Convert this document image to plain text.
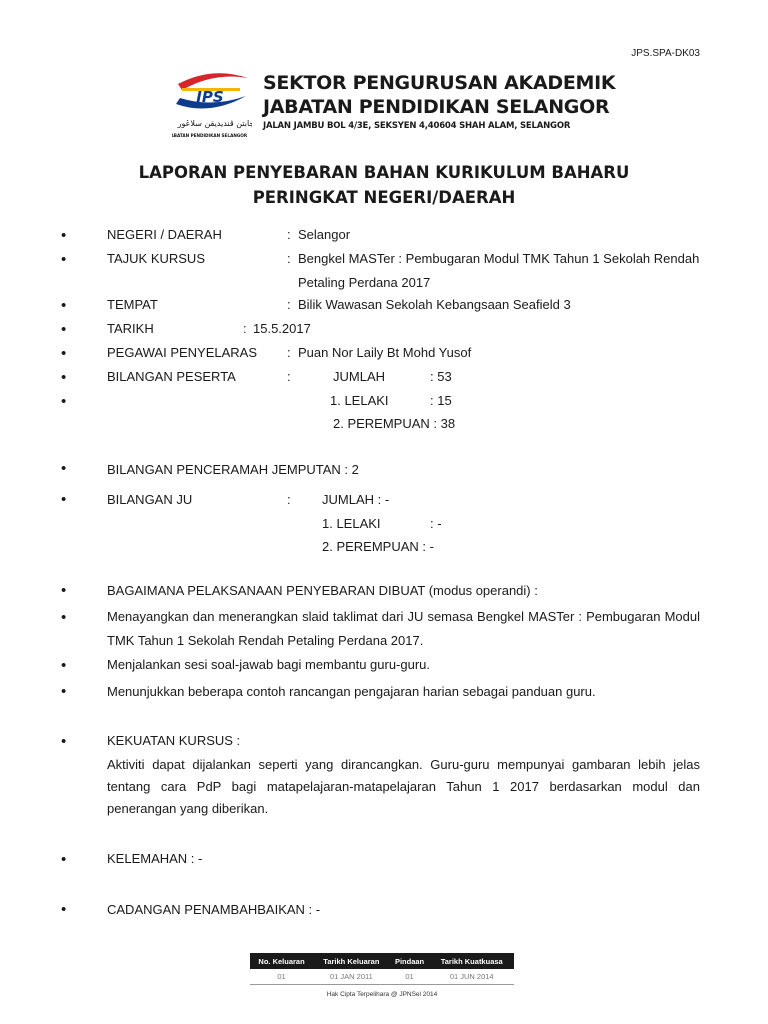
JPS.SPA-DK03
JPS
جابتن ڤنديديقن سلاڠور
JABATAN PENDIDIKAN SELANGOR
SEKTOR PENGURUSAN AKADEMIK
JABATAN PENDIDIKAN SELANGOR
JALAN JAMBU BOL 4/3E, SEKSYEN 4,40604 SHAH ALAM, SELANGOR
LAPORAN PENYEBARAN BAHAN KURIKULUM BAHARU
PERINGKAT NEGERI/DAERAH
•
•
•
•
•
•
•
•
•
•
•
•
•
•
•
•
NEGERI / DAERAH	: Selangor
TAJUK KURSUS	: Bengkel MASTer : Pembugaran Modul TMK Tahun 1 Sekolah Rendah
Petaling Perdana 2017
TEMPAT	: Bilik Wawasan Sekolah Kebangsaan Seafield 3
TARIKH	: 15.5.2017
PEGAWAI PENYELARAS : Puan Nor Laily Bt Mohd Yusof
BILANGAN PESERTA	:	JUMLAH	: 53
1. LELAKI	: 15
2. PEREMPUAN : 38
BILANGAN PENCERAMAH JEMPUTAN : 2
BILANGAN JU	: JUMLAH : -
1. LELAKI	: -
2. PEREMPUAN : -
BAGAIMANA PELAKSANAAN PENYEBARAN DIBUAT (modus operandi) :
Menayangkan dan menerangkan slaid taklimat dari JU semasa Bengkel MASTer : Pembugaran Modul TMK Tahun 1 Sekolah Rendah Petaling Perdana 2017.
Menjalankan sesi soal-jawab bagi membantu guru-guru.
Menunjukkan beberapa contoh rancangan pengajaran harian sebagai panduan guru.
KEKUATAN KURSUS :
Aktiviti dapat dijalankan seperti yang dirancangkan. Guru-guru mempunyai gambaran lebih jelas tentang cara PdP bagi matapelajaran-matapelajaran Tahun 1 2017 berdasarkan modul dan penerangan yang diberikan.
KELEMAHAN : -
CADANGAN PENAMBAHBAIKAN : -
No. Keluaran	Tarikh Keluaran	Pindaan	Tarikh Kuatkuasa
01	01 JAN 2011	01	01 JUN 2014
Hak Cipta Terpelihara @ JPNSel 2014
